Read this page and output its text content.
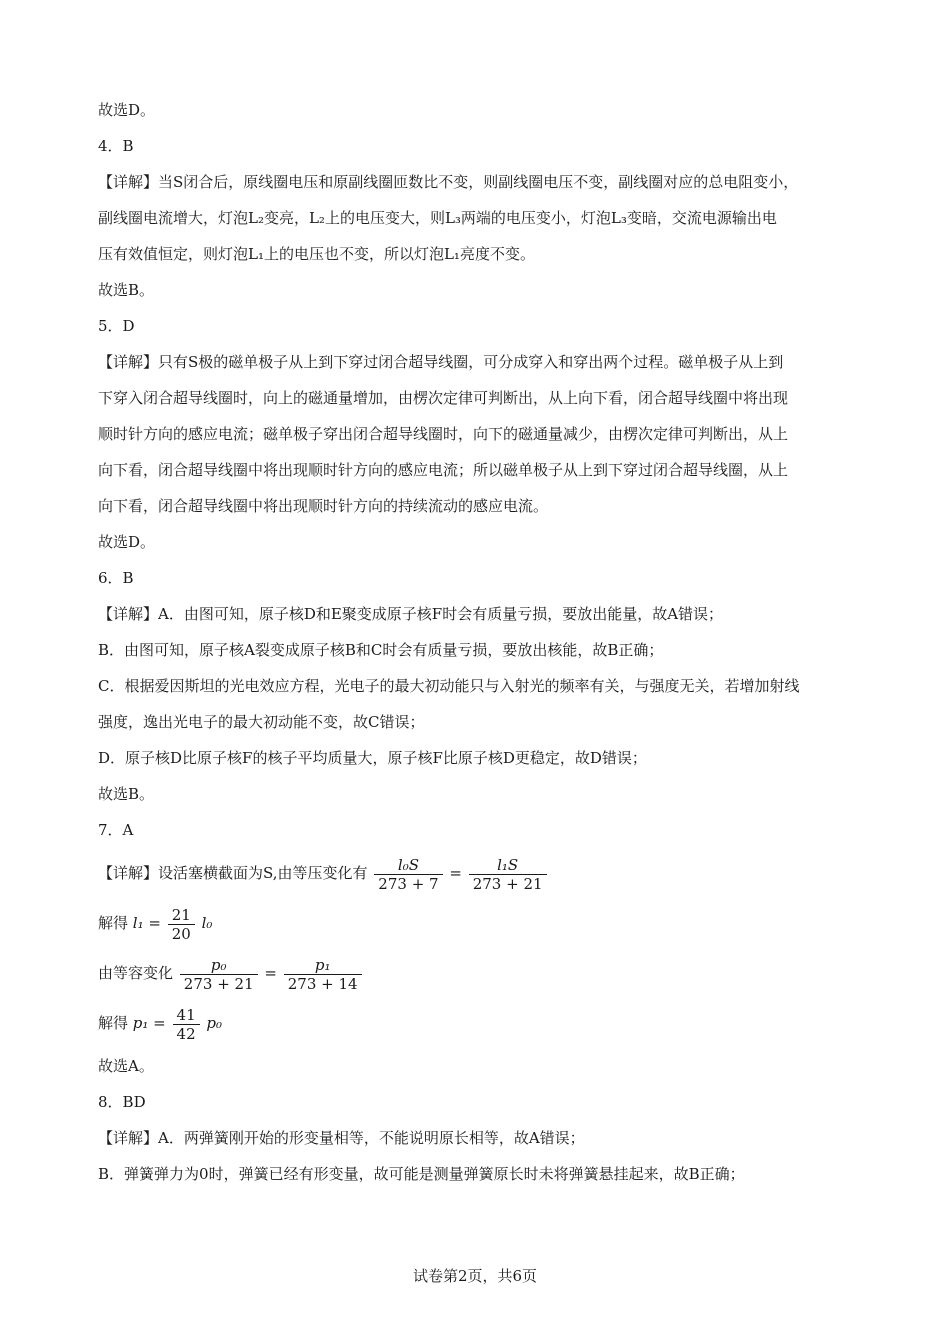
故选D。
4．B
【详解】当S闭合后，原线圈电压和原副线圈匝数比不变，则副线圈电压不变，副线圈对应的总电阻变小，
副线圈电流增大，灯泡L₂变亮，L₂上的电压变大，则L₃两端的电压变小，灯泡L₃变暗，交流电源输出电
压有效值恒定，则灯泡L₁上的电压也不变，所以灯泡L₁亮度不变。
故选B。
5．D
【详解】只有S极的磁单极子从上到下穿过闭合超导线圈，可分成穿入和穿出两个过程。磁单极子从上到
下穿入闭合超导线圈时，向上的磁通量增加，由楞次定律可判断出，从上向下看，闭合超导线圈中将出现
顺时针方向的感应电流；磁单极子穿出闭合超导线圈时，向下的磁通量减少，由楞次定律可判断出，从上
向下看，闭合超导线圈中将出现顺时针方向的感应电流；所以磁单极子从上到下穿过闭合超导线圈，从上
向下看，闭合超导线圈中将出现顺时针方向的持续流动的感应电流。
故选D。
6．B
【详解】A．由图可知，原子核D和E聚变成原子核F时会有质量亏损，要放出能量，故A错误；
B．由图可知，原子核A裂变成原子核B和C时会有质量亏损，要放出核能，故B正确；
C．根据爱因斯坦的光电效应方程，光电子的最大初动能只与入射光的频率有关，与强度无关，若增加射线
强度，逸出光电子的最大初动能不变，故C错误；
D．原子核D比原子核F的核子平均质量大，原子核F比原子核D更稳定，故D错误；
故选B。
7．A
【详解】设活塞横截面为S,由等压变化有 $\frac{\text{l₀S}}{273 + 7} = \frac{\text{l₁S}}{273 + 21}$
解得 $l_1 = \frac{21}{20} l_0$
由等容变化 $\frac{\text{p₀}}{273 + 21} = \frac{\text{p₁}}{273 + 14}$
解得 $p_1 = \frac{41}{42} p_0$
故选A。
8．BD
【详解】A．两弹簧刚开始的形变量相等，不能说明原长相等，故A错误；
B．弹簧弹力为0时，弹簧已经有形变量，故可能是测量弹簧原长时未将弹簧悬挂起来，故B正确；
试卷第2页，共6页
